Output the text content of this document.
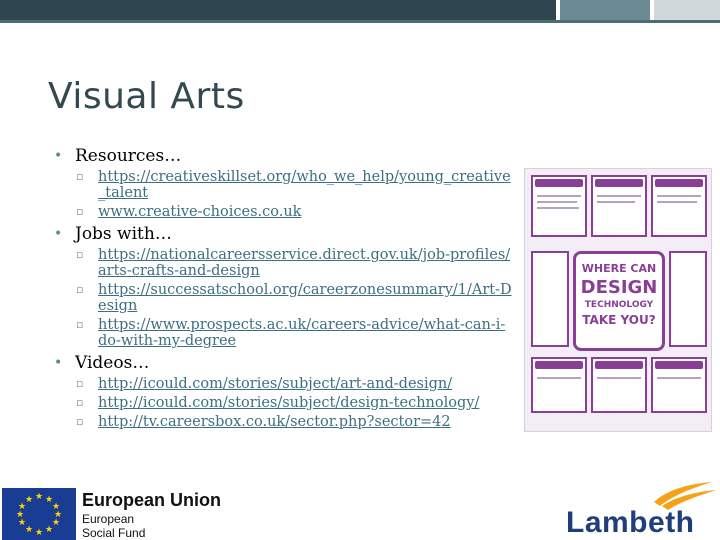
Visual Arts
• Resources…
▫ https://creativeskillset.org/who_we_help/young_creative_talent
▫ www.creative-choices.co.uk
• Jobs with…
▫ https://nationalcareersservice.direct.gov.uk/job-profiles/arts-crafts-and-design
▫ https://successatschool.org/careerzonesummary/1/Art-Design
▫ https://www.prospects.ac.uk/careers-advice/what-can-i-do-with-my-degree
• Videos…
▫ http://icould.com/stories/subject/art-and-design/
▫ http://icould.com/stories/subject/design-technology/
▫ http://tv.careersbox.co.uk/sector.php?sector=42
WHERE CAN
DESIGN
TECHNOLOGY
TAKE YOU?
★ ★
★
★
★
★
★
★
★
★
★
★	European Union
European
Social Fund	Lambeth
